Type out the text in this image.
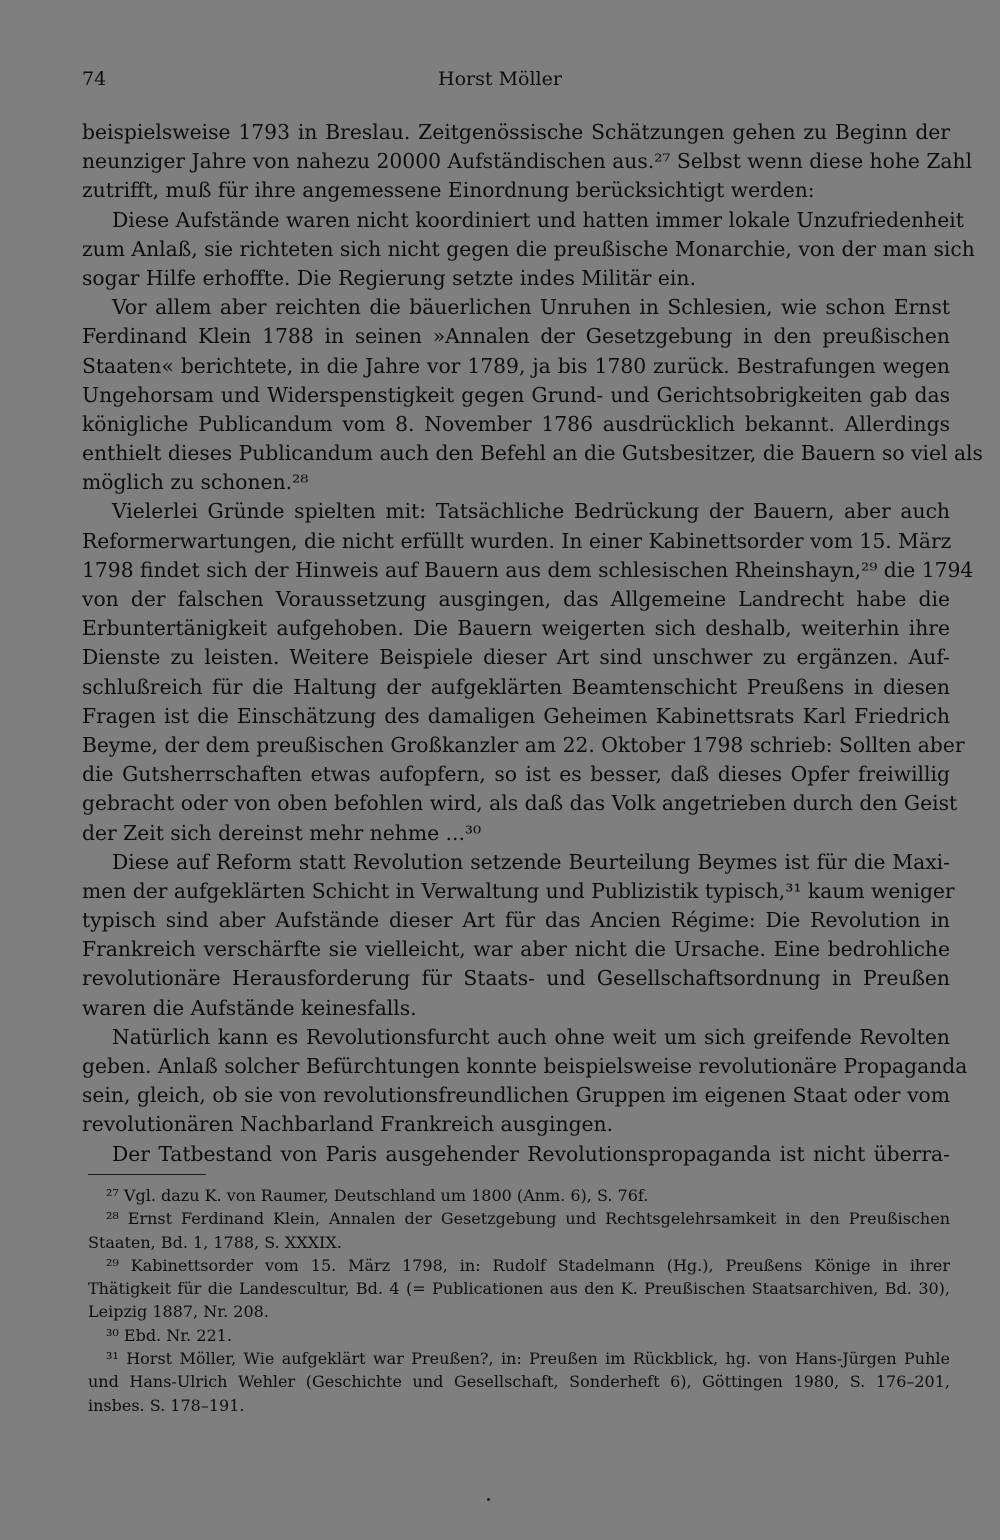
74	Horst Möller
beispielsweise 1793 in Breslau. Zeitgenössische Schätzungen gehen zu Beginn der
neunziger Jahre von nahezu 20000 Aufständischen aus.²⁷ Selbst wenn diese hohe Zahl
zutrifft, muß für ihre angemessene Einordnung berücksichtigt werden:
Diese Aufstände waren nicht koordiniert und hatten immer lokale Unzufriedenheit
zum Anlaß, sie richteten sich nicht gegen die preußische Monarchie, von der man sich
sogar Hilfe erhoffte. Die Regierung setzte indes Militär ein.
Vor allem aber reichten die bäuerlichen Unruhen in Schlesien, wie schon Ernst
Ferdinand Klein 1788 in seinen »Annalen der Gesetzgebung in den preußischen
Staaten« berichtete, in die Jahre vor 1789, ja bis 1780 zurück. Bestrafungen wegen
Ungehorsam und Widerspenstigkeit gegen Grund- und Gerichtsobrigkeiten gab das
königliche Publicandum vom 8. November 1786 ausdrücklich bekannt. Allerdings
enthielt dieses Publicandum auch den Befehl an die Gutsbesitzer, die Bauern so viel als
möglich zu schonen.²⁸
Vielerlei Gründe spielten mit: Tatsächliche Bedrückung der Bauern, aber auch
Reformerwartungen, die nicht erfüllt wurden. In einer Kabinettsorder vom 15. März
1798 findet sich der Hinweis auf Bauern aus dem schlesischen Rheinshayn,²⁹ die 1794
von der falschen Voraussetzung ausgingen, das Allgemeine Landrecht habe die
Erbuntertänigkeit aufgehoben. Die Bauern weigerten sich deshalb, weiterhin ihre
Dienste zu leisten. Weitere Beispiele dieser Art sind unschwer zu ergänzen. Auf-
schlußreich für die Haltung der aufgeklärten Beamtenschicht Preußens in diesen
Fragen ist die Einschätzung des damaligen Geheimen Kabinettsrats Karl Friedrich
Beyme, der dem preußischen Großkanzler am 22. Oktober 1798 schrieb: Sollten aber
die Gutsherrschaften etwas aufopfern, so ist es besser, daß dieses Opfer freiwillig
gebracht oder von oben befohlen wird, als daß das Volk angetrieben durch den Geist
der Zeit sich dereinst mehr nehme ...³⁰
Diese auf Reform statt Revolution setzende Beurteilung Beymes ist für die Maxi-
men der aufgeklärten Schicht in Verwaltung und Publizistik typisch,³¹ kaum weniger
typisch sind aber Aufstände dieser Art für das Ancien Régime: Die Revolution in
Frankreich verschärfte sie vielleicht, war aber nicht die Ursache. Eine bedrohliche
revolutionäre Herausforderung für Staats- und Gesellschaftsordnung in Preußen
waren die Aufstände keinesfalls.
Natürlich kann es Revolutionsfurcht auch ohne weit um sich greifende Revolten
geben. Anlaß solcher Befürchtungen konnte beispielsweise revolutionäre Propaganda
sein, gleich, ob sie von revolutionsfreundlichen Gruppen im eigenen Staat oder vom
revolutionären Nachbarland Frankreich ausgingen.
Der Tatbestand von Paris ausgehender Revolutionspropaganda ist nicht überra-
²⁷ Vgl. dazu K. von Raumer, Deutschland um 1800 (Anm. 6), S. 76f.
²⁸ Ernst Ferdinand Klein, Annalen der Gesetzgebung und Rechtsgelehrsamkeit in den Preußischen
Staaten, Bd. 1, 1788, S. XXXIX.
²⁹ Kabinettsorder vom 15. März 1798, in: Rudolf Stadelmann (Hg.), Preußens Könige in ihrer
Thätigkeit für die Landescultur, Bd. 4 (= Publicationen aus den K. Preußischen Staatsarchiven, Bd. 30),
Leipzig 1887, Nr. 208.
³⁰ Ebd. Nr. 221.
³¹ Horst Möller, Wie aufgeklärt war Preußen?, in: Preußen im Rückblick, hg. von Hans-Jürgen Puhle
und Hans-Ulrich Wehler (Geschichte und Gesellschaft, Sonderheft 6), Göttingen 1980, S. 176–201,
insbes. S. 178–191.
